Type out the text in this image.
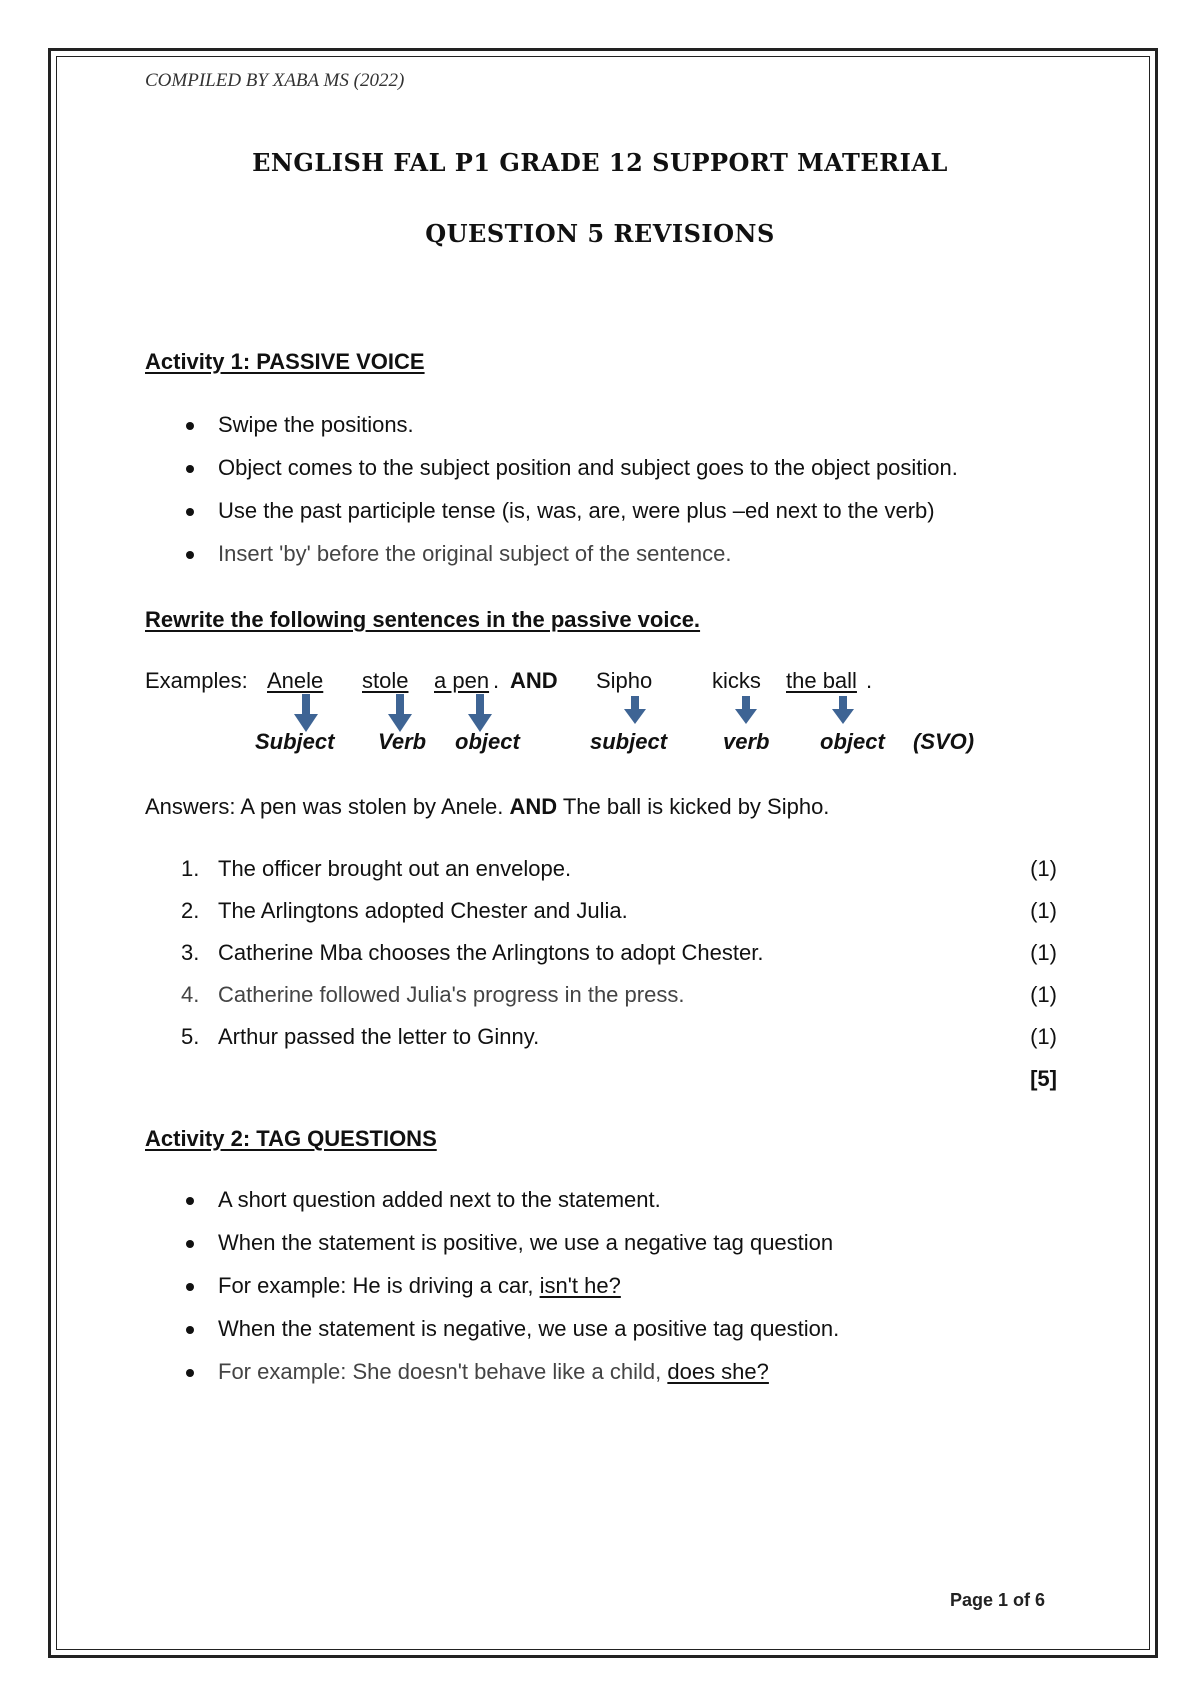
COMPILED BY XABA MS (2022)
ENGLISH FAL P1 GRADE 12 SUPPORT MATERIAL
QUESTION 5 REVISIONS
Activity 1: PASSIVE VOICE
Swipe the positions.
Object comes to the subject position and subject goes to the object position.
Use the past participle tense (is, was, are, were plus –ed next to the verb)
Insert 'by' before the original subject of the sentence.
Rewrite the following sentences in the passive voice.
Examples: Anele stole a pen . AND Sipho	kicks the ball .
Subject Verb object	subject	verb object (SVO)
Answers: A pen was stolen by Anele. AND The ball is kicked by Sipho.
1. The officer brought out an envelope.	(1)
2. The Arlingtons adopted Chester and Julia.	(1)
3. Catherine Mba chooses the Arlingtons to adopt Chester.	(1)
4. Catherine followed Julia's progress in the press.	(1)
5. Arthur passed the letter to Ginny.	(1)
[5]
Activity 2: TAG QUESTIONS
A short question added next to the statement.
When the statement is positive, we use a negative tag question
For example: He is driving a car, isn't he?
When the statement is negative, we use a positive tag question.
For example: She doesn't behave like a child, does she?
Page 1 of 6
